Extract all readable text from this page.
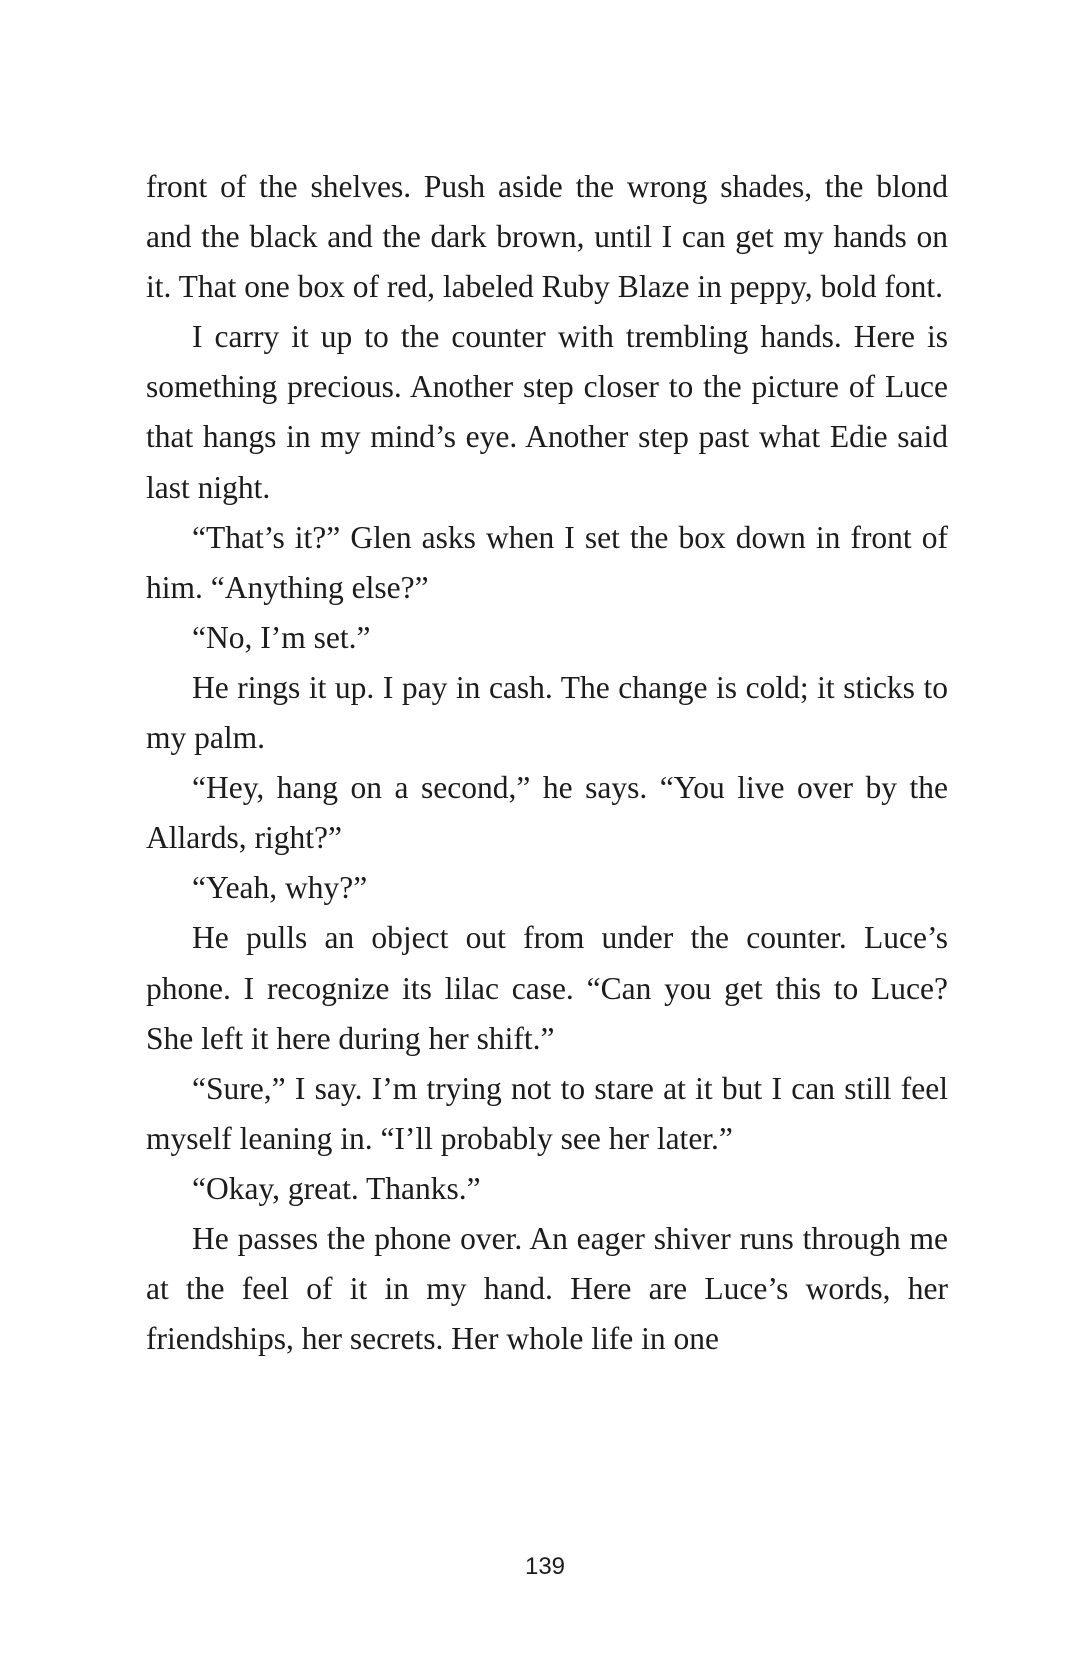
front of the shelves. Push aside the wrong shades, the blond and the black and the dark brown, until I can get my hands on it. That one box of red, labeled Ruby Blaze in peppy, bold font.

I carry it up to the counter with trembling hands. Here is something precious. Another step closer to the picture of Luce that hangs in my mind’s eye. Another step past what Edie said last night.

“That’s it?” Glen asks when I set the box down in front of him. “Anything else?”

“No, I’m set.”

He rings it up. I pay in cash. The change is cold; it sticks to my palm.

“Hey, hang on a second,” he says. “You live over by the Allards, right?”

“Yeah, why?”

He pulls an object out from under the counter. Luce’s phone. I recognize its lilac case. “Can you get this to Luce? She left it here during her shift.”

“Sure,” I say. I’m trying not to stare at it but I can still feel myself leaning in. “I’ll probably see her later.”

“Okay, great. Thanks.”

He passes the phone over. An eager shiver runs through me at the feel of it in my hand. Here are Luce’s words, her friendships, her secrets. Her whole life in one

139
